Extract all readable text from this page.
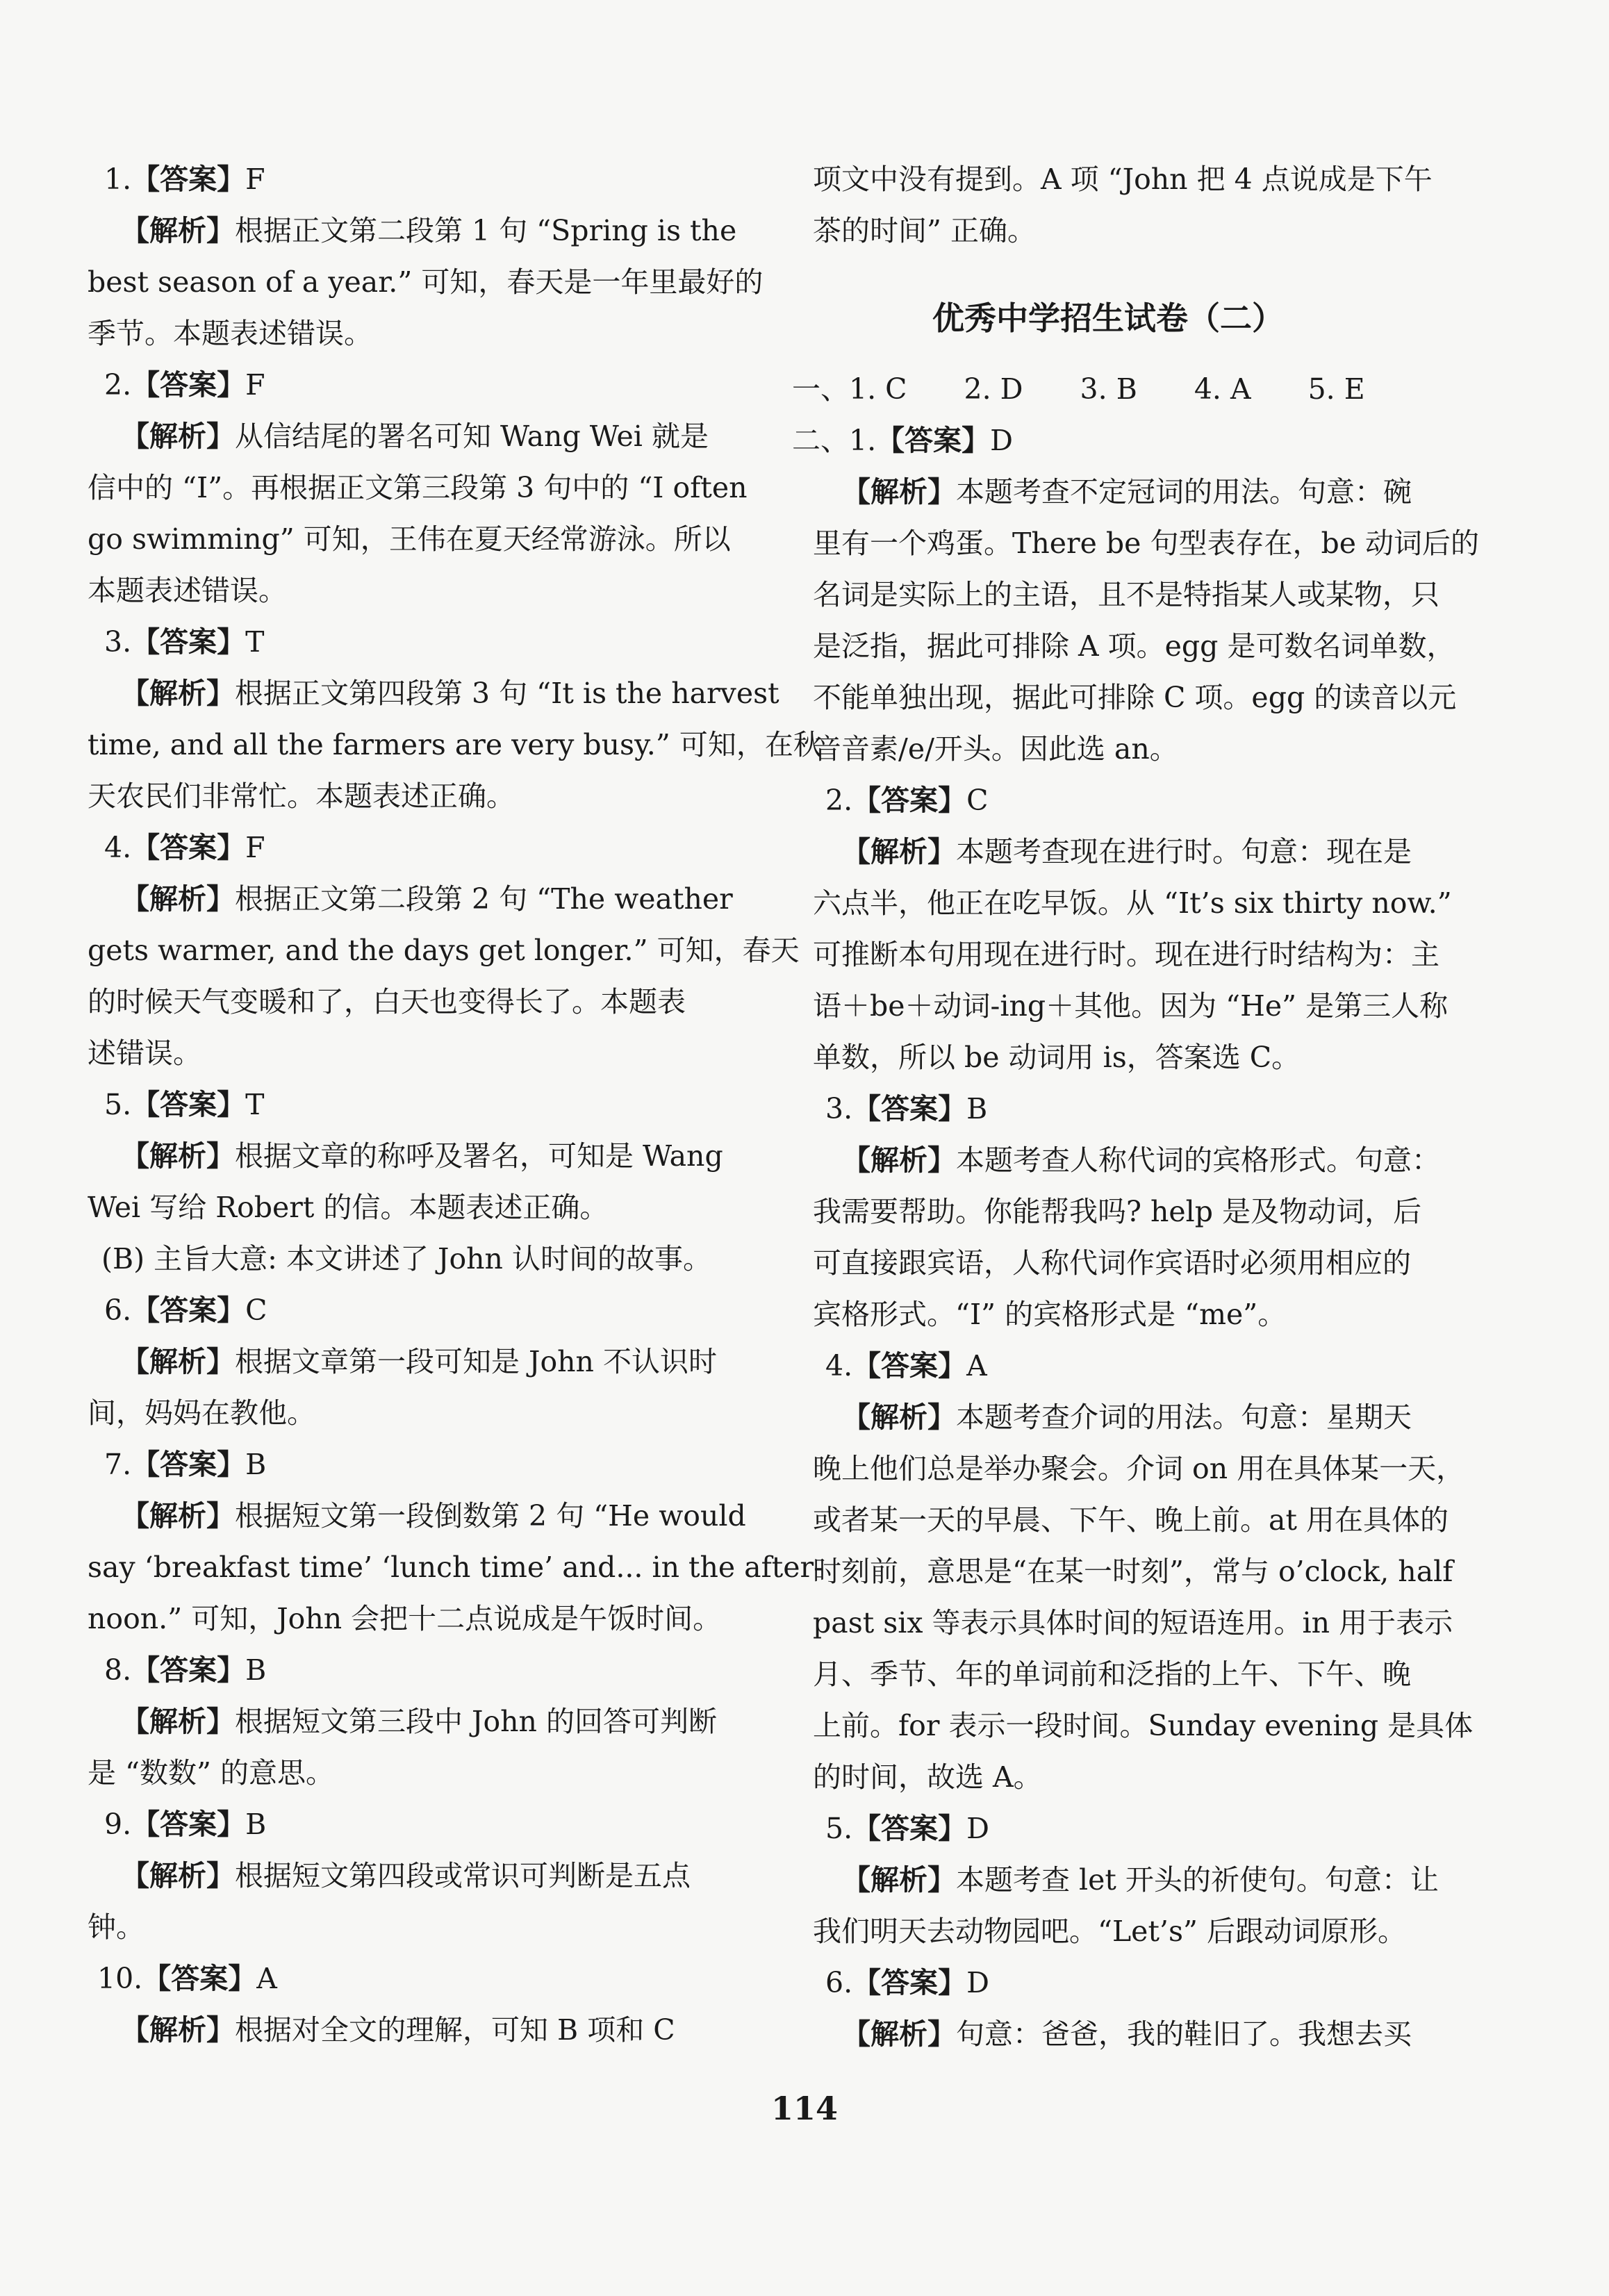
1.【答案】F
【解析】根据正文第二段第 1 句 “Spring is the
best season of a year.” 可知，春天是一年里最好的
季节。本题表述错误。
2.【答案】F
【解析】从信结尾的署名可知 Wang Wei 就是
信中的 “I”。再根据正文第三段第 3 句中的 “I often
go swimming” 可知，王伟在夏天经常游泳。所以
本题表述错误。
3.【答案】T
【解析】根据正文第四段第 3 句 “It is the harvest
time, and all the farmers are very busy.” 可知，在秋
天农民们非常忙。本题表述正确。
4.【答案】F
【解析】根据正文第二段第 2 句 “The weather
gets warmer, and the days get longer.” 可知，春天
的时候天气变暖和了，白天也变得长了。本题表
述错误。
5.【答案】T
【解析】根据文章的称呼及署名，可知是 Wang
Wei 写给 Robert 的信。本题表述正确。
(B) 主旨大意: 本文讲述了 John 认时间的故事。
6.【答案】C
【解析】根据文章第一段可知是 John 不认识时
间，妈妈在教他。
7.【答案】B
【解析】根据短文第一段倒数第 2 句 “He would
say ‘breakfast time’ ‘lunch time’ and... in the after-
noon.” 可知，John 会把十二点说成是午饭时间。
8.【答案】B
【解析】根据短文第三段中 John 的回答可判断
是 “数数” 的意思。
9.【答案】B
【解析】根据短文第四段或常识可判断是五点
钟。
10.【答案】A
【解析】根据对全文的理解，可知 B 项和 C
项文中没有提到。A 项 “John 把 4 点说成是下午
茶的时间” 正确。
优秀中学招生试卷（二）
一、1. C　　2. D　　3. B　　4. A　　5. E
二、1.【答案】D
【解析】本题考查不定冠词的用法。句意：碗
里有一个鸡蛋。There be 句型表存在，be 动词后的
名词是实际上的主语，且不是特指某人或某物，只
是泛指，据此可排除 A 项。egg 是可数名词单数，
不能单独出现，据此可排除 C 项。egg 的读音以元
音音素/e/开头。因此选 an。
2.【答案】C
【解析】本题考查现在进行时。句意：现在是
六点半，他正在吃早饭。从 “It’s six thirty now.”
可推断本句用现在进行时。现在进行时结构为：主
语＋be＋动词-ing＋其他。因为 “He” 是第三人称
单数，所以 be 动词用 is，答案选 C。
3.【答案】B
【解析】本题考查人称代词的宾格形式。句意：
我需要帮助。你能帮我吗? help 是及物动词，后
可直接跟宾语，人称代词作宾语时必须用相应的
宾格形式。“I” 的宾格形式是 “me”。
4.【答案】A
【解析】本题考查介词的用法。句意：星期天
晚上他们总是举办聚会。介词 on 用在具体某一天，
或者某一天的早晨、下午、晚上前。at 用在具体的
时刻前，意思是“在某一时刻”，常与 o’clock, half
past six 等表示具体时间的短语连用。in 用于表示
月、季节、年的单词前和泛指的上午、下午、晚
上前。for 表示一段时间。Sunday evening 是具体
的时间，故选 A。
5.【答案】D
【解析】本题考查 let 开头的祈使句。句意：让
我们明天去动物园吧。“Let’s” 后跟动词原形。
6.【答案】D
【解析】句意：爸爸，我的鞋旧了。我想去买
114
